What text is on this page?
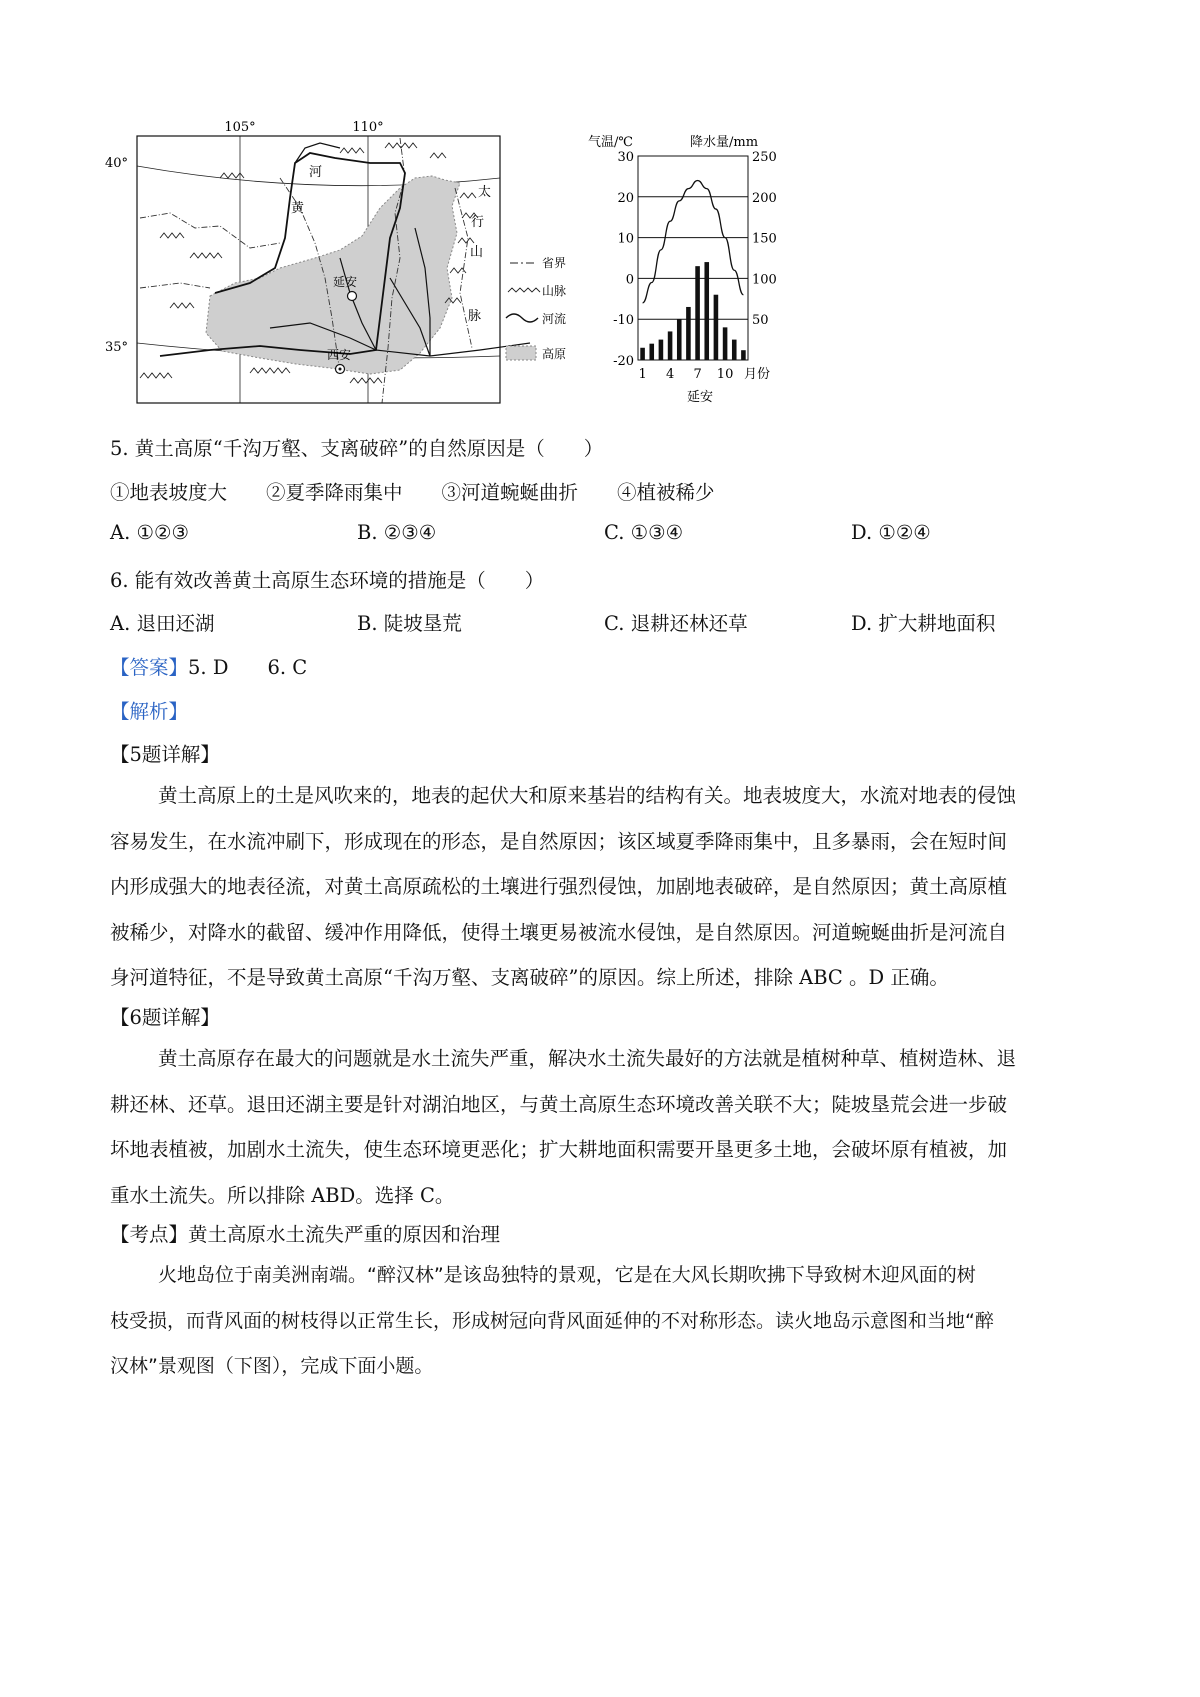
105°	110°
40°
35°
河
黄
太
行
山
脉
延安
西安
省界
山脉
河流
高原
气温/℃	降水量/mm
30
20
10
0
-10
-20
250
200
150
100
50
1 4 7 10 月份
延安
5. 黄土高原“千沟万壑、支离破碎”的自然原因是（　　）
①地表坡度大　　②夏季降雨集中　　③河道蜿蜒曲折　　④植被稀少
A. ①②③	B. ②③④	C. ①③④	D. ①②④
6. 能有效改善黄土高原生态环境的措施是（　　）
A. 退田还湖	B. 陡坡垦荒	C. 退耕还林还草	D. 扩大耕地面积
【答案】5. D　　6. C
【解析】
【5题详解】
黄土高原上的土是风吹来的，地表的起伏大和原来基岩的结构有关。地表坡度大，水流对地表的侵蚀
容易发生，在水流冲刷下，形成现在的形态，是自然原因；该区域夏季降雨集中，且多暴雨，会在短时间
内形成强大的地表径流，对黄土高原疏松的土壤进行强烈侵蚀，加剧地表破碎，是自然原因；黄土高原植
被稀少，对降水的截留、缓冲作用降低，使得土壤更易被流水侵蚀，是自然原因。河道蜿蜒曲折是河流自
身河道特征，不是导致黄土高原“千沟万壑、支离破碎”的原因。综上所述，排除 ABC 。D 正确。
【6题详解】
黄土高原存在最大的问题就是水土流失严重，解决水土流失最好的方法就是植树种草、植树造林、退
耕还林、还草。退田还湖主要是针对湖泊地区，与黄土高原生态环境改善关联不大；陡坡垦荒会进一步破
坏地表植被，加剧水土流失，使生态环境更恶化；扩大耕地面积需要开垦更多土地，会破坏原有植被，加
重水土流失。所以排除 ABD。选择 C。
【考点】黄土高原水土流失严重的原因和治理
火地岛位于南美洲南端。“醉汉林”是该岛独特的景观，它是在大风长期吹拂下导致树木迎风面的树
枝受损，而背风面的树枝得以正常生长，形成树冠向背风面延伸的不对称形态。读火地岛示意图和当地“醉
汉林”景观图（下图），完成下面小题。
